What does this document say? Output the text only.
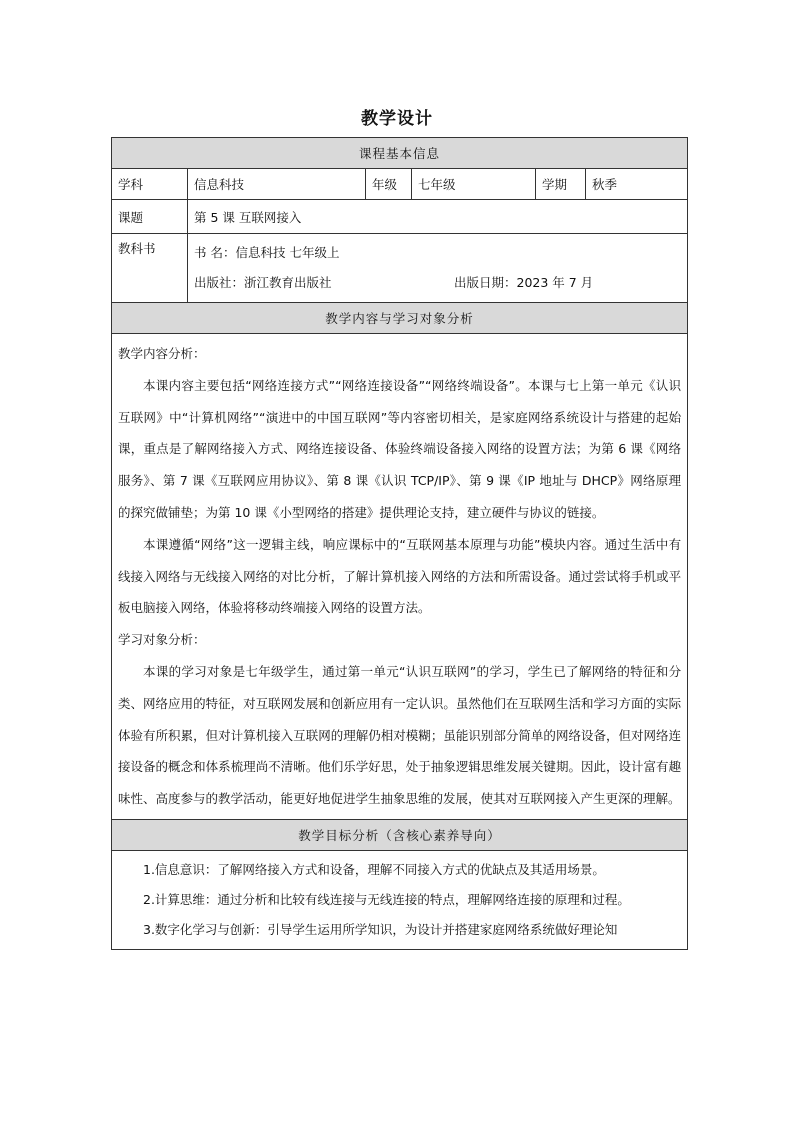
教学设计
课程基本信息					
学科	信息科技	年级	七年级	学期	秋季
课题	第 5 课 互联网接入				
教科书	书 名：信息科技 七年级上
出版社：浙江教育出版社 出版日期：2023 年 7 月				

教学内容与学习对象分析					

教学内容分析：

本课内容主要包括“网络连接方式”“网络连接设备”“网络终端设备”。本课与七上第一单元《认识互联网》中“计算机网络”“演进中的中国互联网”等内容密切相关，是家庭网络系统设计与搭建的起始课，重点是了解网络接入方式、网络连接设备、体验终端设备接入网络的设置方法；为第 6 课《网络服务》、第 7 课《互联网应用协议》、第 8 课《认识 TCP/IP》、第 9 课《IP 地址与 DHCP》网络原理的探究做铺垫；为第 10 课《小型网络的搭建》提供理论支持，建立硬件与协议的链接。

本课遵循“网络”这一逻辑主线，响应课标中的“互联网基本原理与功能”模块内容。通过生活中有线接入网络与无线接入网络的对比分析，了解计算机接入网络的方法和所需设备。通过尝试将手机或平板电脑接入网络，体验将移动终端接入网络的设置方法。

学习对象分析：

本课的学习对象是七年级学生，通过第一单元“认识互联网”的学习，学生已了解网络的特征和分类、网络应用的特征，对互联网发展和创新应用有一定认识。虽然他们在互联网生活和学习方面的实际体验有所积累，但对计算机接入互联网的理解仍相对模糊；虽能识别部分简单的网络设备，但对网络连接设备的概念和体系梳理尚不清晰。他们乐学好思，处于抽象逻辑思维发展关键期。因此，设计富有趣味性、高度参与的教学活动，能更好地促进学生抽象思维的发展，使其对互联网接入产生更深的理解。					

教学目标分析（含核心素养导向）					

1.信息意识：了解网络接入方式和设备，理解不同接入方式的优缺点及其适用场景。

2.计算思维：通过分析和比较有线连接与无线连接的特点，理解网络连接的原理和过程。

3.数字化学习与创新：引导学生运用所学知识，为设计并搭建家庭网络系统做好理论知					
